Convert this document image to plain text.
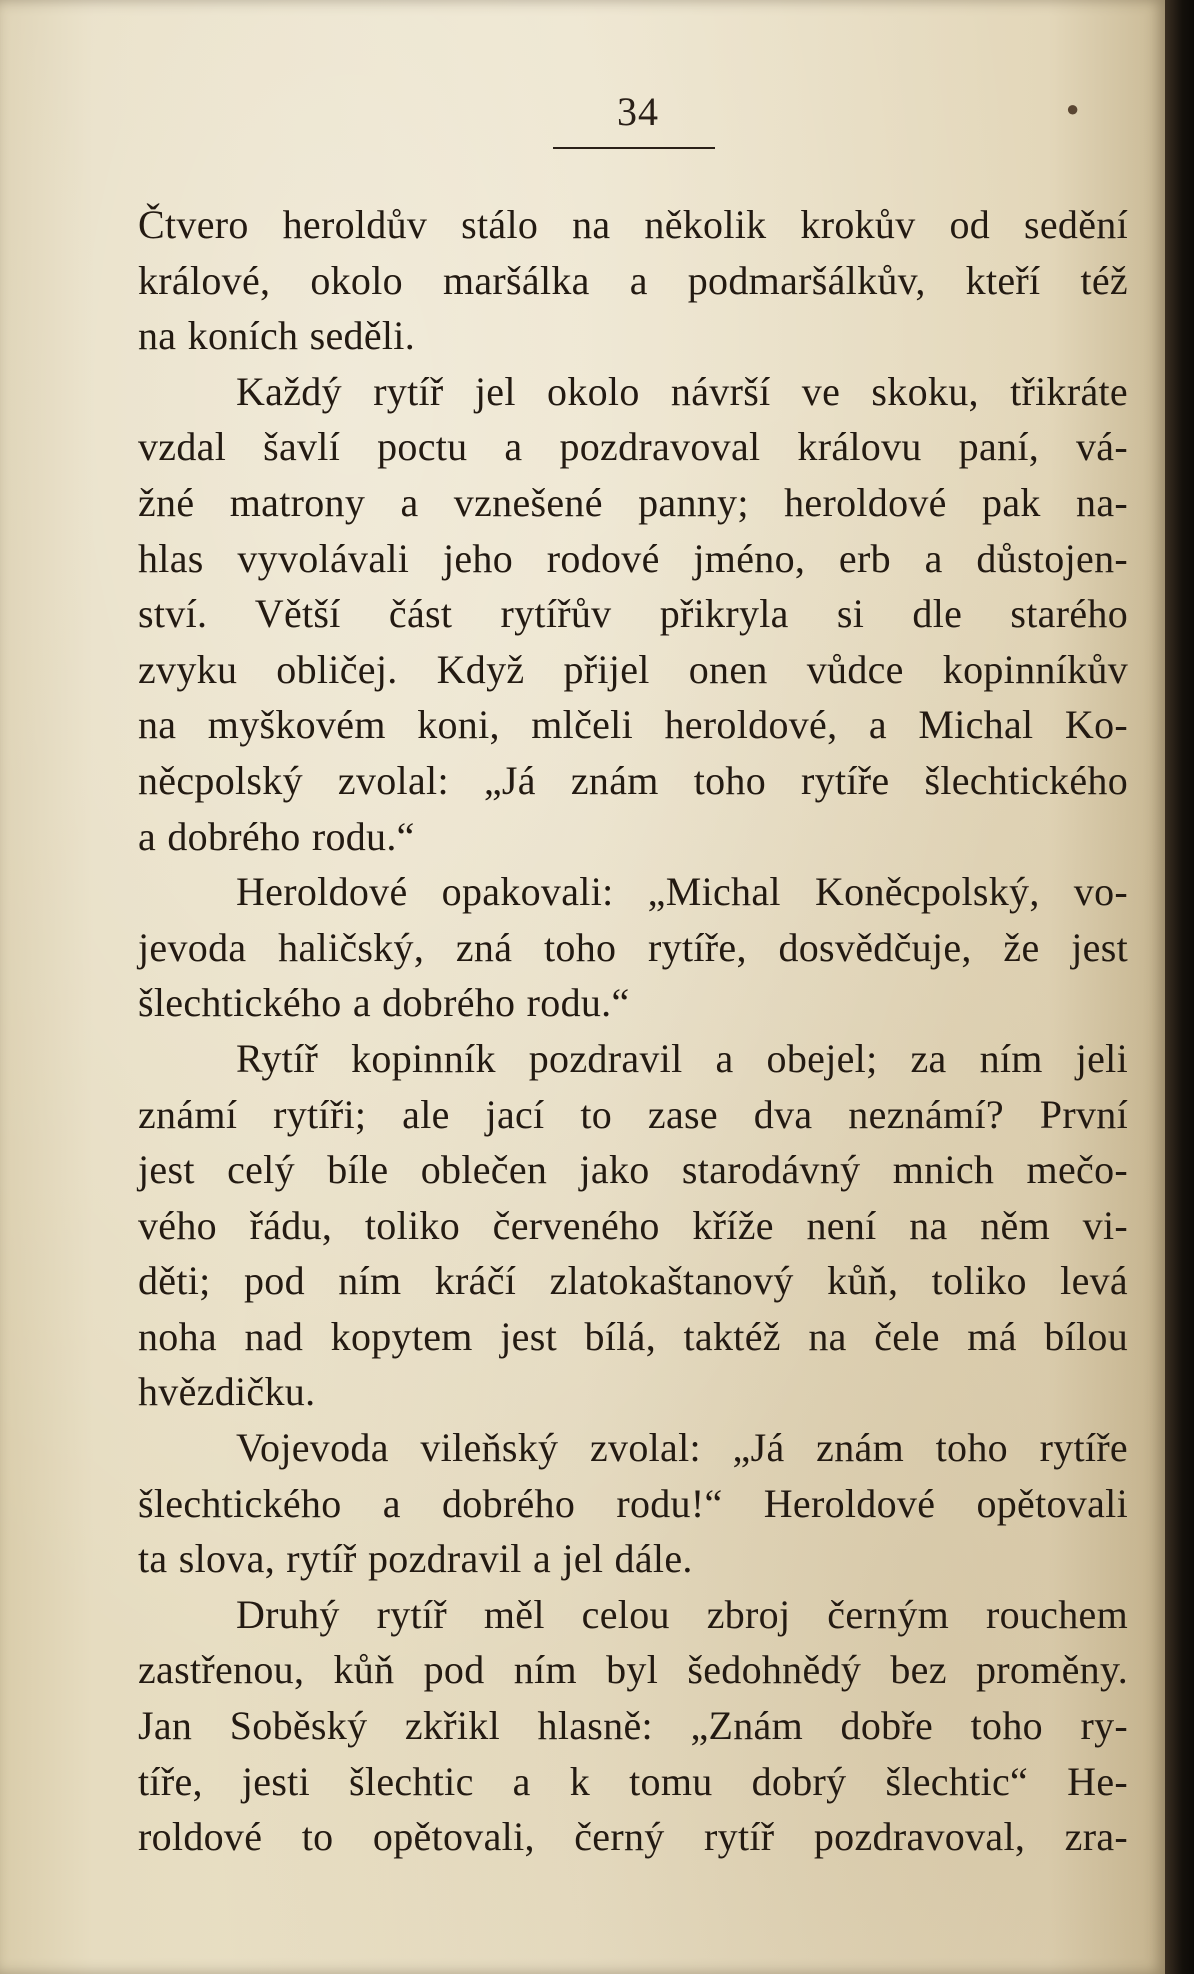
34
Čtvero heroldův stálo na několik krokův od sedění
králové, okolo maršálka a podmaršálkův, kteří též
na koních seděli.
Každý rytíř jel okolo návrší ve skoku, třikráte
vzdal šavlí poctu a pozdravoval královu paní, vá-
žné matrony a vznešené panny; heroldové pak na-
hlas vyvolávali jeho rodové jméno, erb a důstojen-
ství. Větší část rytířův přikryla si dle starého
zvyku obličej. Když přijel onen vůdce kopinníkův
na myškovém koni, mlčeli heroldové, a Michal Ko-
něcpolský zvolal: „Já znám toho rytíře šlechtického
a dobrého rodu.“
Heroldové opakovali: „Michal Koněcpolský, vo-
jevoda haličský, zná toho rytíře, dosvědčuje, že jest
šlechtického a dobrého rodu.“
Rytíř kopinník pozdravil a obejel; za ním jeli
známí rytíři; ale jací to zase dva neznámí? První
jest celý bíle oblečen jako starodávný mnich mečo-
vého řádu, toliko červeného kříže není na něm vi-
děti; pod ním kráčí zlatokaštanový kůň, toliko levá
noha nad kopytem jest bílá, taktéž na čele má bílou
hvězdičku.
Vojevoda vileňský zvolal: „Já znám toho rytíře
šlechtického a dobrého rodu!“ Heroldové opětovali
ta slova, rytíř pozdravil a jel dále.
Druhý rytíř měl celou zbroj černým rouchem
zastřenou, kůň pod ním byl šedohnědý bez proměny.
Jan Soběský zkřikl hlasně: „Znám dobře toho ry-
tíře, jesti šlechtic a k tomu dobrý šlechtic“ He-
roldové to opětovali, černý rytíř pozdravoval, zra-
●
